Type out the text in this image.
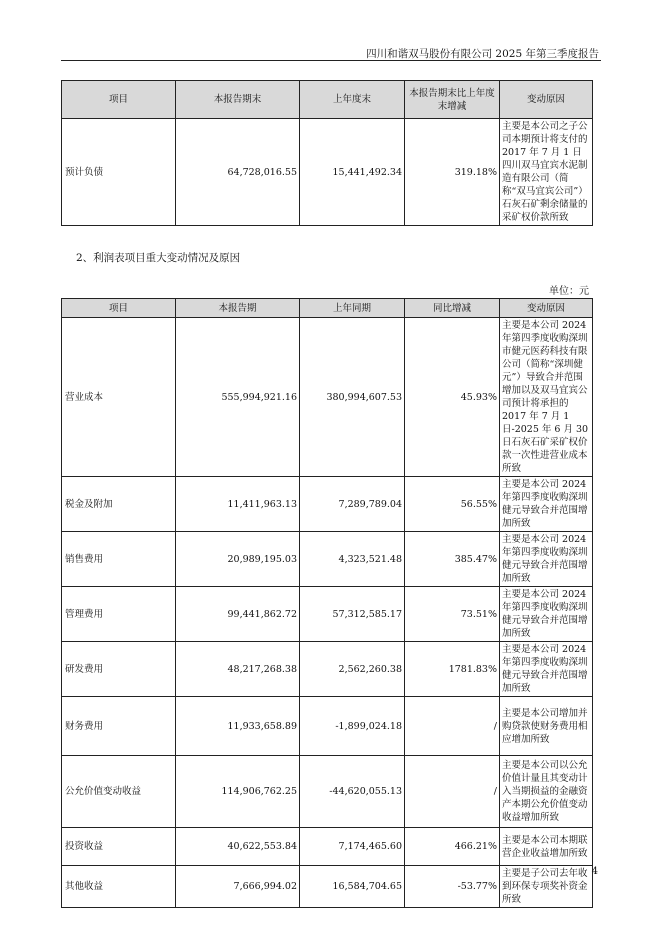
四川和谐双马股份有限公司 2025 年第三季度报告
项目	本报告期末	上年度末	本报告期末比上年度末增减	变动原因
预计负债	64,728,016.55	15,441,492.34	319.18%	主要是本公司之子公司本期预计将支付的 2017 年 7 月 1 日四川双马宜宾水泥制造有限公司（简称“双马宜宾公司”）石灰石矿剩余储量的采矿权价款所致
2、利润表项目重大变动情况及原因
单位：元
项目	本报告期	上年同期	同比增减	变动原因
营业成本	555,994,921.16	380,994,607.53	45.93%	主要是本公司 2024 年第四季度收购深圳市健元医药科技有限公司（简称“深圳健元”）导致合并范围增加以及双马宜宾公司预计将承担的 2017 年 7 月 1 日-2025 年 6 月 30 日石灰石矿采矿权价款一次性进营业成本所致
税金及附加	11,411,963.13	7,289,789.04	56.55%	主要是本公司 2024 年第四季度收购深圳健元导致合并范围增加所致
销售费用	20,989,195.03	4,323,521.48	385.47%	主要是本公司 2024 年第四季度收购深圳健元导致合并范围增加所致
管理费用	99,441,862.72	57,312,585.17	73.51%	主要是本公司 2024 年第四季度收购深圳健元导致合并范围增加所致
研发费用	48,217,268.38	2,562,260.38	1781.83%	主要是本公司 2024 年第四季度收购深圳健元导致合并范围增加所致
财务费用	11,933,658.89	-1,899,024.18	/	主要是本公司增加并购贷款使财务费用相应增加所致
公允价值变动收益	114,906,762.25	-44,620,055.13	/	主要是本公司以公允价值计量且其变动计入当期损益的金融资产本期公允价值变动收益增加所致
投资收益	40,622,553.84	7,174,465.60	466.21%	主要是本公司本期联营企业收益增加所致
其他收益	7,666,994.02	16,584,704.65	-53.77%	主要是子公司去年收到环保专项奖补资金所致
4
